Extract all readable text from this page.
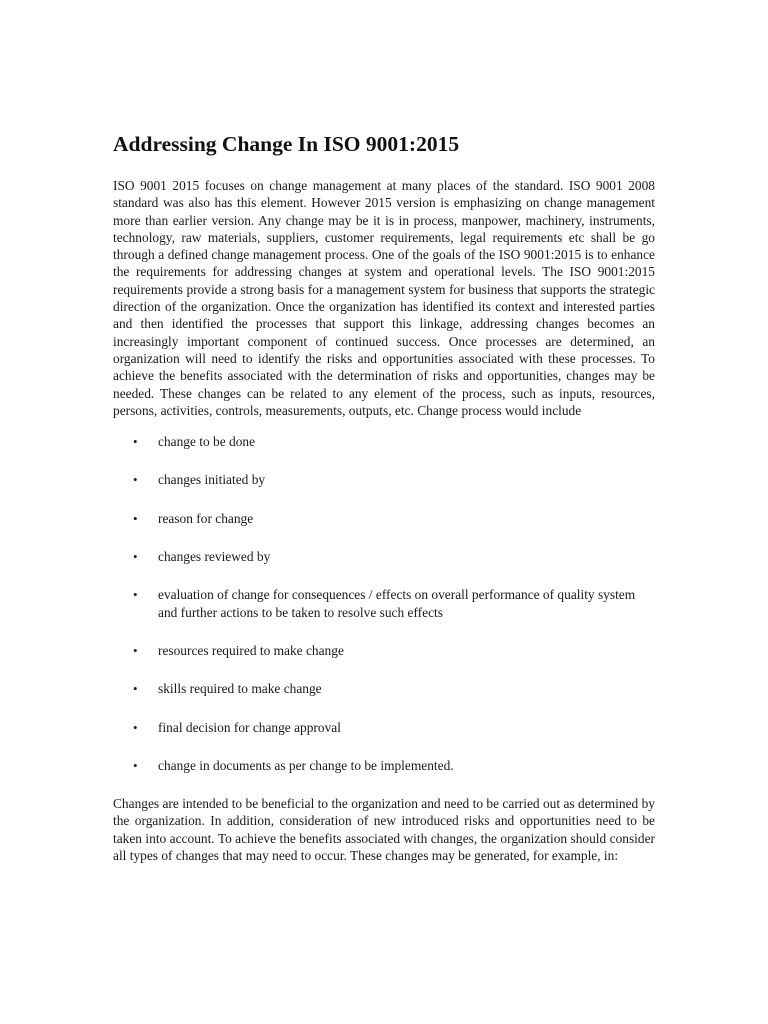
Addressing Change In ISO 9001:2015

ISO 9001 2015 focuses on change management at many places of the standard. ISO 9001 2008 standard was also has this element. However 2015 version is emphasizing on change management more than earlier version. Any change may be it is in process, manpower, machinery, instruments, technology, raw materials, suppliers, customer requirements, legal requirements etc shall be go through a defined change management process. One of the goals of the ISO 9001:2015 is to enhance the requirements for addressing changes at system and operational levels. The ISO 9001:2015 requirements provide a strong basis for a management system for business that supports the strategic direction of the organization. Once the organization has identified its context and interested parties and then identified the processes that support this linkage, addressing changes becomes an increasingly important component of continued success. Once processes are determined, an organization will need to identify the risks and opportunities associated with these processes. To achieve the benefits associated with the determination of risks and opportunities, changes may be needed. These changes can be related to any element of the process, such as inputs, resources, persons, activities, controls, measurements, outputs, etc. Change process would include

• change to be done
• changes initiated by
• reason for change
• changes reviewed by
• evaluation of change for consequences / effects on overall performance of quality system and further actions to be taken to resolve such effects
• resources required to make change
• skills required to make change
• final decision for change approval
• change in documents as per change to be implemented.

Changes are intended to be beneficial to the organization and need to be carried out as determined by the organization. In addition, consideration of new introduced risks and opportunities need to be taken into account. To achieve the benefits associated with changes, the organization should consider all types of changes that may need to occur. These changes may be generated, for example, in:
